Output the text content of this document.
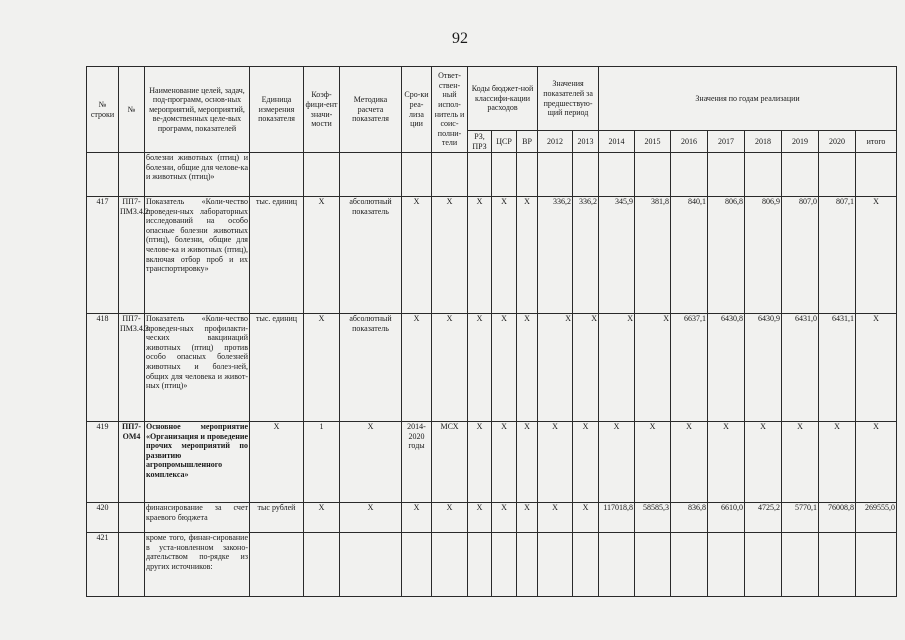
92
№ строки	№	Наименование целей, задач, под-программ, основ-ных мероприятий, мероприятий, ве-домственных целе-вых программ, показателей	Единица измерения показателя	Коэф-фици-ент значи-мости	Методика расчета показателя	Сро-ки реа-лиза ции	Ответ-ствен-ный испол-нитель и соис-полни-тели	Коды бюджет-ной классифи-кации расходов			Значения показателей за предшествую-щий период		Значения по годам реализации							
								РЗ, ПРЗ	ЦСР	ВР	2012	2013	2014	2015	2016	2017	2018	2019	2020	итого
		болезни животных (птиц) и болезни, общие для челове-ка и животных (птиц)»																		
417	ПП7-ПМЗ.4.2	Показатель «Коли-чество проведен-ных лабораторных исследований на особо опасные болезни животных (птиц), болезни, общие для челове-ка и животных (птиц), включая отбор проб и их транспортировку»	тыс. единиц	X	абсолютный показатель	X	X	X	X	X	336,2	336,2	345,9	381,8	840,1	806,8	806,9	807,0	807,1	X
418	ПП7-ПМЗ.4.3	Показатель «Коли-чество проведен-ных профилакти-ческих вакцинаций животных (птиц) против особо опасных болезней животных и болез-ней, общих для человека и живот-ных (птиц)»	тыс. единиц	X	абсолютный показатель	X	X	X	X	X	X	X	X	X	6637,1	6430,8	6430,9	6431,0	6431,1	X
419	ПП7-ОМ4	Основное мероприятие «Организация и проведение прочих мероприятий по развитию агропромышленного комплекса»	X	1	X	2014-2020 годы	МСХ	X	X	X	X	X	X	X	X	X	X	X	X	X
420		финансирование за счет краевого бюджета	тыс рублей	X	X	X	X	X	X	X	X	X	117018,8	58585,3	836,8	6610,0	4725,2	5770,1	76008,8	269555,0
421		кроме того, финан-сирование в уста-новленном законо-дательством по-рядке из других источников:																		
